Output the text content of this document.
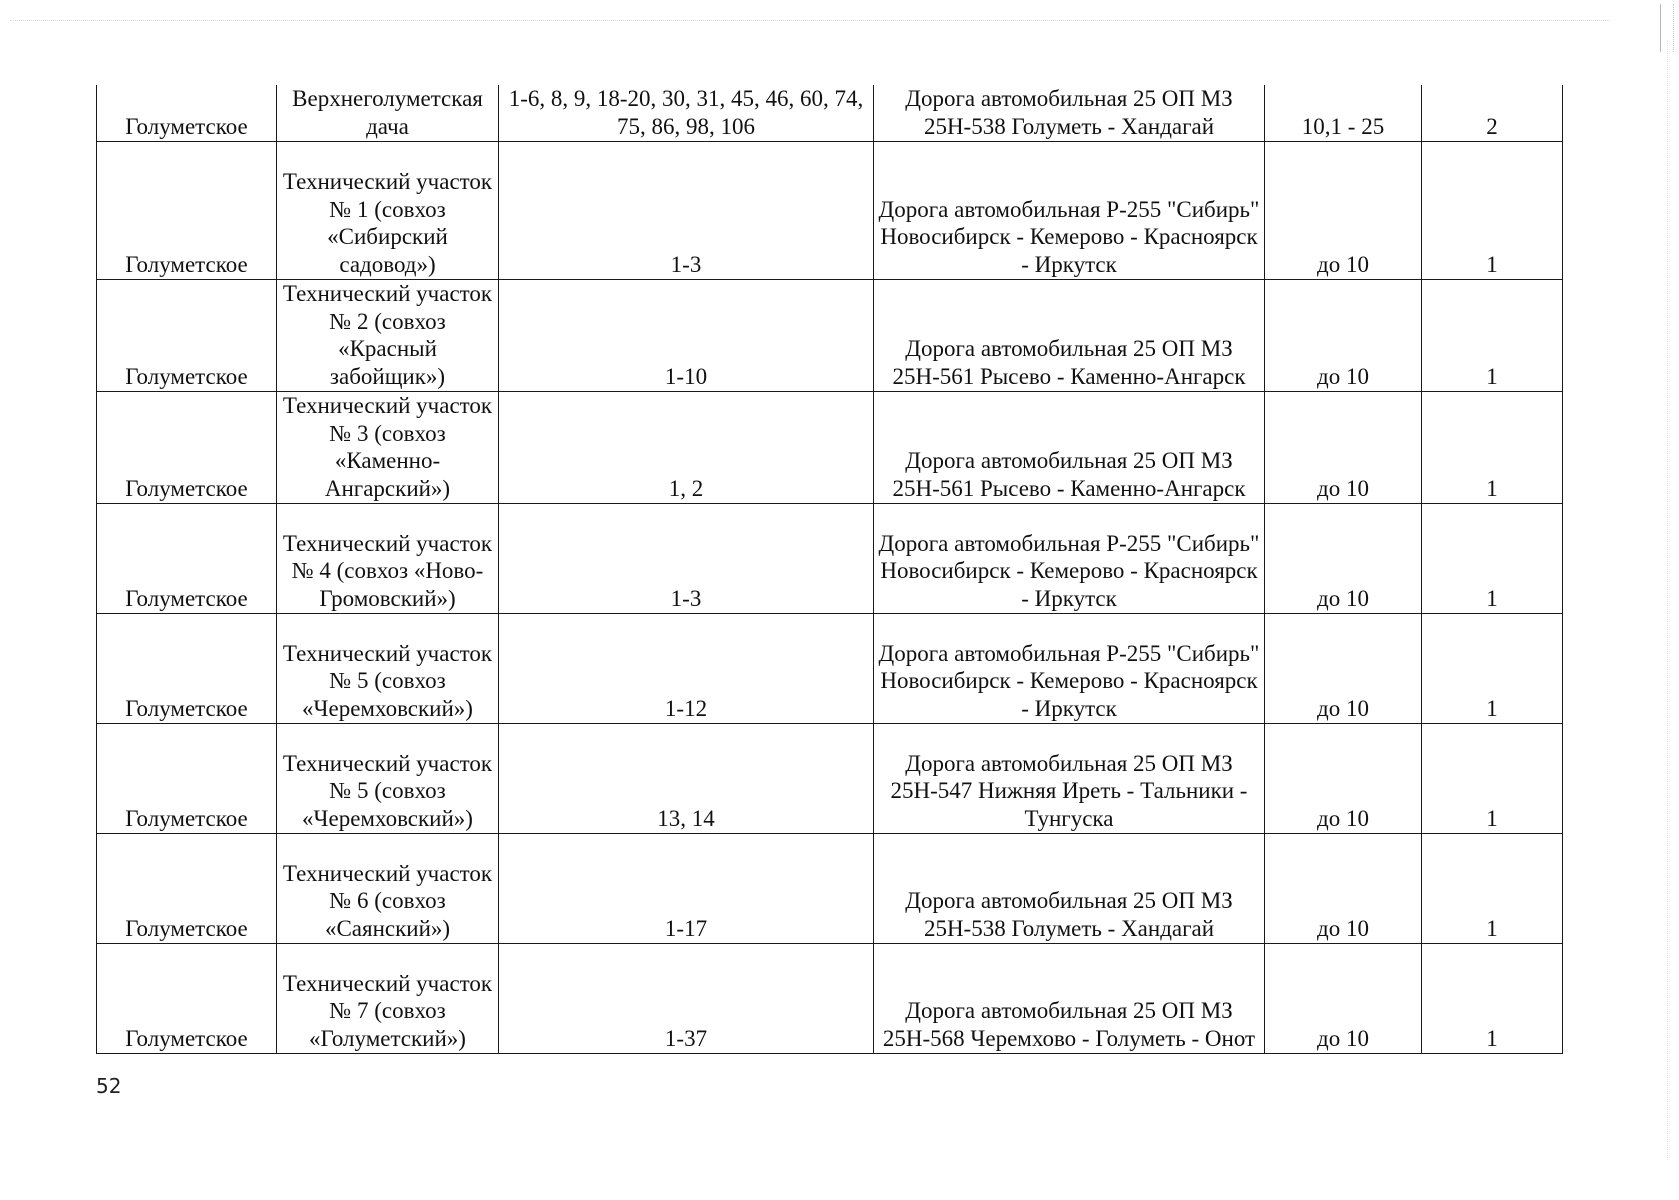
Голуметское	Верхнеголуметская дача	1-6, 8, 9, 18-20, 30, 31, 45, 46, 60, 74, 75, 86, 98, 106	Дорога автомобильная 25 ОП МЗ 25Н-538 Голуметь - Хандагай	10,1 - 25	2
Голуметское	Технический участок № 1 (совхоз «Сибирский садовод»)	1-3	Дорога автомобильная Р-255 "Сибирь" Новосибирск - Кемерово - Красноярск - Иркутск	до 10	1
Голуметское	Технический участок № 2 (совхоз «Красный забойщик»)	1-10	Дорога автомобильная 25 ОП МЗ 25Н-561 Рысево - Каменно-Ангарск	до 10	1
Голуметское	Технический участок № 3 (совхоз «Каменно-Ангарский»)	1, 2	Дорога автомобильная 25 ОП МЗ 25Н-561 Рысево - Каменно-Ангарск	до 10	1
Голуметское	Технический участок № 4 (совхоз «Ново-Громовский»)	1-3	Дорога автомобильная Р-255 "Сибирь" Новосибирск - Кемерово - Красноярск - Иркутск	до 10	1
Голуметское	Технический участок № 5 (совхоз «Черемховский»)	1-12	Дорога автомобильная Р-255 "Сибирь" Новосибирск - Кемерово - Красноярск - Иркутск	до 10	1
Голуметское	Технический участок № 5 (совхоз «Черемховский»)	13, 14	Дорога автомобильная 25 ОП МЗ 25Н-547 Нижняя Иреть - Тальники - Тунгуска	до 10	1
Голуметское	Технический участок № 6 (совхоз «Саянский»)	1-17	Дорога автомобильная 25 ОП МЗ 25Н-538 Голуметь - Хандагай	до 10	1
Голуметское	Технический участок № 7 (совхоз «Голуметский»)	1-37	Дорога автомобильная 25 ОП МЗ 25Н-568 Черемхово - Голуметь - Онот	до 10	1
52
